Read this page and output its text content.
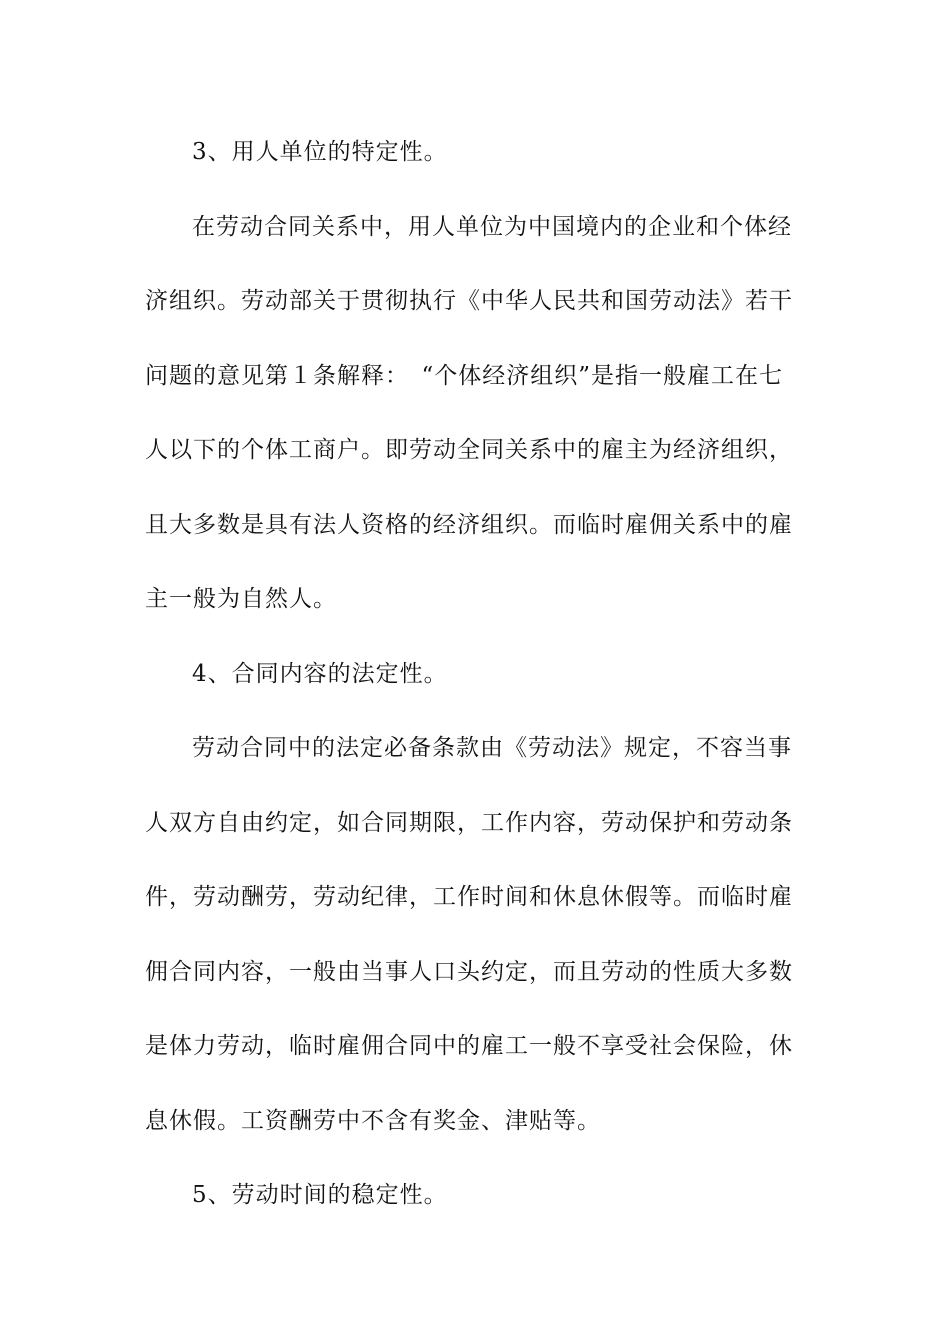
3、用人单位的特定性。
在劳动合同关系中，用人单位为中国境内的企业和个体经
济组织。劳动部关于贯彻执行《中华人民共和国劳动法》若干
问题的意见第１条解释：　“个体经济组织”是指一般雇工在七
人以下的个体工商户。即劳动全同关系中的雇主为经济组织，
且大多数是具有法人资格的经济组织。而临时雇佣关系中的雇
主一般为自然人。
4、合同内容的法定性。
劳动合同中的法定必备条款由《劳动法》规定，不容当事
人双方自由约定，如合同期限，工作内容，劳动保护和劳动条
件，劳动酬劳，劳动纪律，工作时间和休息休假等。而临时雇
佣合同内容，一般由当事人口头约定，而且劳动的性质大多数
是体力劳动，临时雇佣合同中的雇工一般不享受社会保险，休
息休假。工资酬劳中不含有奖金、津贴等。
5、劳动时间的稳定性。
